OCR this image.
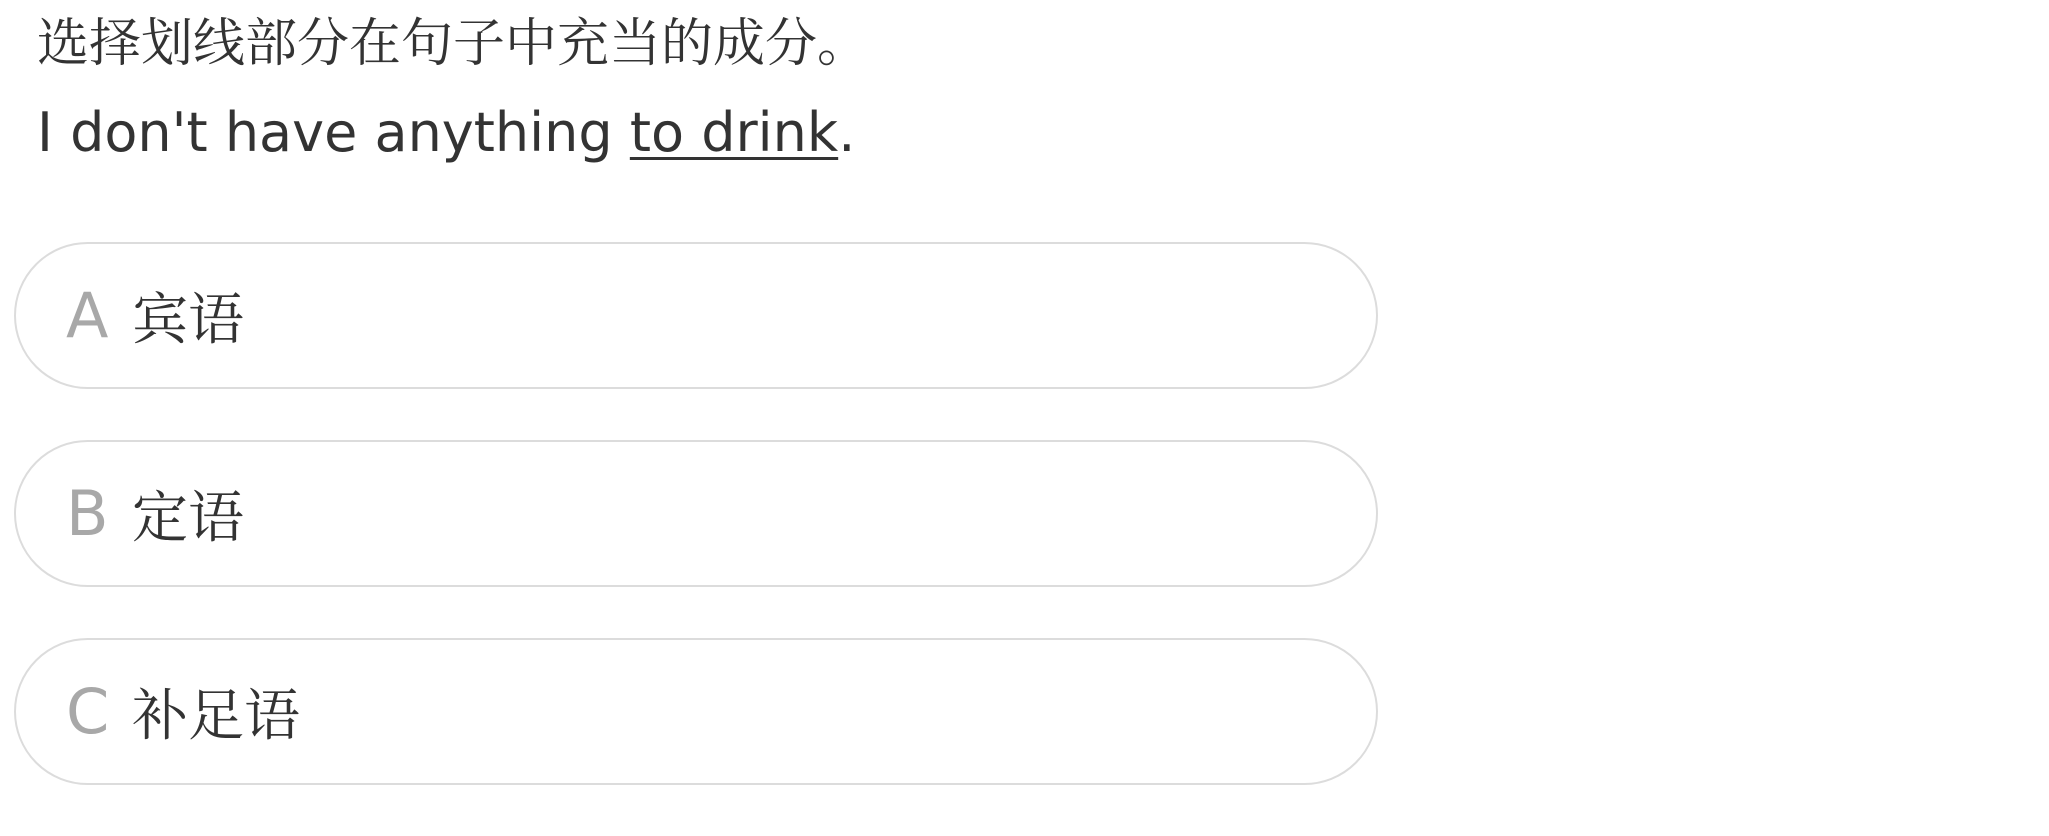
选择划线部分在句子中充当的成分。
I don't have anything to drink.
A 宾语
B 定语
C 补足语
